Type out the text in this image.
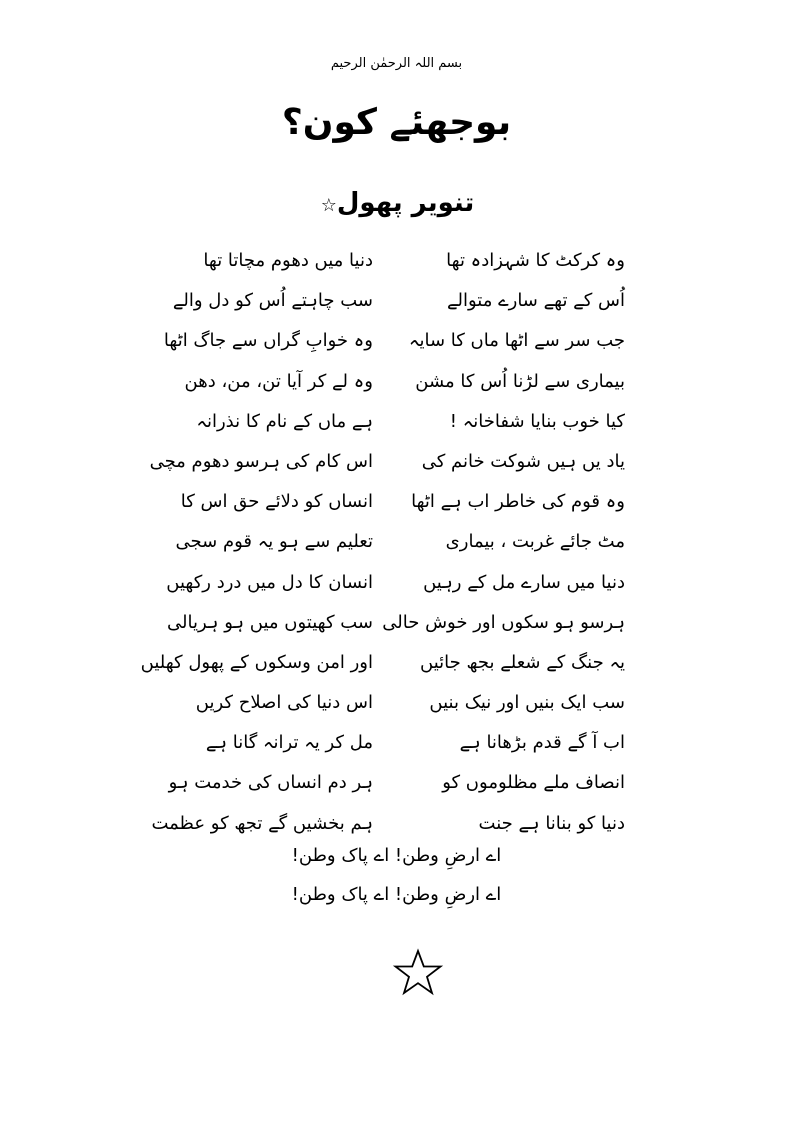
بسم اللہ الرحمٰن الرحیم
بوجھئے کون؟
تنویر پھول☆
وہ کرکٹ کا شہزادہ تھا
دنیا میں دھوم مچاتا تھا
اُس کے تھے سارے متوالے
سب چاہتے اُس کو دل والے
جب سر سے اٹھا ماں کا سایہ
وہ خوابِ گراں سے جاگ اٹھا
بیماری سے لڑنا اُس کا مشن
وہ لے کر آیا تن، من، دھن
کیا خوب بنایا شفاخانہ !
ہے ماں کے نام کا نذرانہ
یاد یں ہیں شوکت خانم کی
اس کام کی ہرسو دھوم مچی
وہ قوم کی خاطر اب ہے اٹھا
انساں کو دلائے حق اس کا
مٹ جائے غربت ، بیماری
تعلیم سے ہو یہ قوم سجی
دنیا میں سارے مل کے رہیں
انسان کا دل میں درد رکھیں
ہرسو ہو سکوں اور خوش حالی
سب کھیتوں میں ہو ہریالی
یہ جنگ کے شعلے بجھ جائیں
اور امن وسکوں کے پھول کھلیں
سب ایک بنیں اور نیک بنیں
اس دنیا کی اصلاح کریں
اب آ گے قدم بڑھانا ہے
مل کر یہ ترانہ گانا ہے
انصاف ملے مظلوموں کو
ہر دم انساں کی خدمت ہو
دنیا کو بنانا ہے جنت
ہم بخشیں گے تجھ کو عظمت
اے ارضِ وطن! اے پاک وطن!
اے ارضِ وطن! اے پاک وطن!
